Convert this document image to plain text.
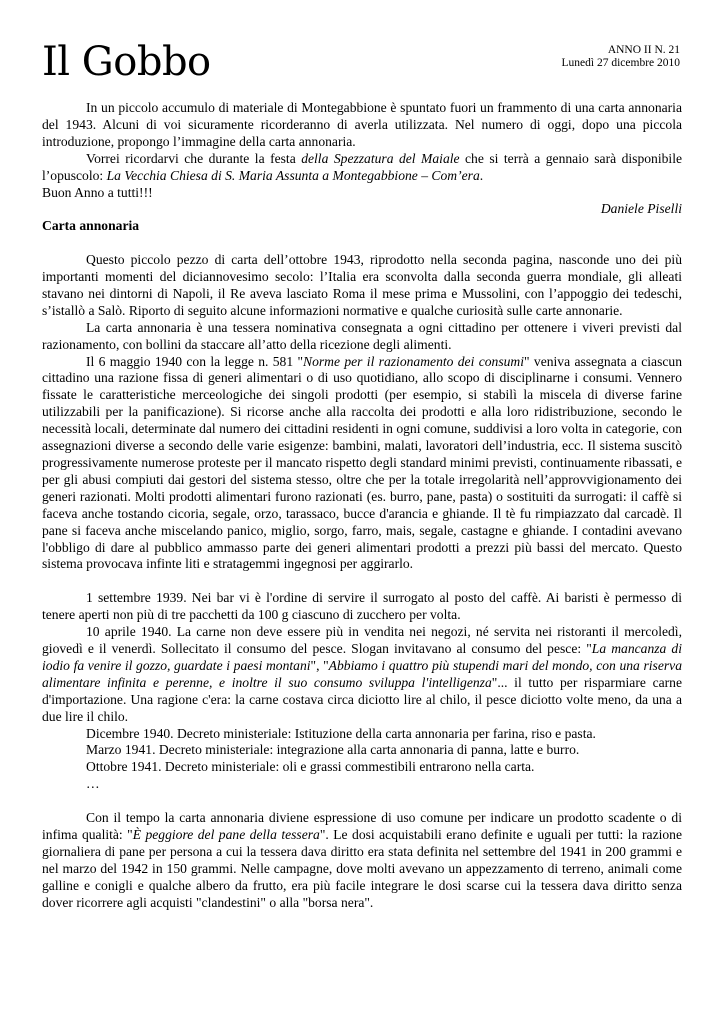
Il Gobbo	ANNO II N. 21
Lunedì 27 dicembre 2010

In un piccolo accumulo di materiale di Montegabbione è spuntato fuori un frammento di una carta annonaria del 1943. Alcuni di voi sicuramente ricorderanno di averla utilizzata. Nel numero di oggi, dopo una piccola introduzione, propongo l’immagine della carta annonaria.

Vorrei ricordarvi che durante la festa della Spezzatura del Maiale che si terrà a gennaio sarà disponibile l’opuscolo: La Vecchia Chiesa di S. Maria Assunta a Montegabbione – Com’era.

Buon Anno a tutti!!!

Daniele Piselli

Carta annonaria

Questo piccolo pezzo di carta dell’ottobre 1943, riprodotto nella seconda pagina, nasconde uno dei più importanti momenti del diciannovesimo secolo: l’Italia era sconvolta dalla seconda guerra mondiale, gli alleati stavano nei dintorni di Napoli, il Re aveva lasciato Roma il mese prima e Mussolini, con l’appoggio dei tedeschi, s’istallò a Salò. Riporto di seguito alcune informazioni normative e qualche curiosità sulle carte annonarie.

La carta annonaria è una tessera nominativa consegnata a ogni cittadino per ottenere i viveri previsti dal razionamento, con bollini da staccare all’atto della ricezione degli alimenti.

Il 6 maggio 1940 con la legge n. 581 "Norme per il razionamento dei consumi" veniva assegnata a ciascun cittadino una razione fissa di generi alimentari o di uso quotidiano, allo scopo di disciplinarne i consumi. Vennero fissate le caratteristiche merceologiche dei singoli prodotti (per esempio, si stabilì la miscela di diverse farine utilizzabili per la panificazione). Si ricorse anche alla raccolta dei prodotti e alla loro ridistribuzione, secondo le necessità locali, determinate dal numero dei cittadini residenti in ogni comune, suddivisi a loro volta in categorie, con assegnazioni diverse a secondo delle varie esigenze: bambini, malati, lavoratori dell’industria, ecc. Il sistema suscitò progressivamente numerose proteste per il mancato rispetto degli standard minimi previsti, continuamente ribassati, e per gli abusi compiuti dai gestori del sistema stesso, oltre che per la totale irregolarità nell’approvvigionamento dei generi razionati. Molti prodotti alimentari furono razionati (es. burro, pane, pasta) o sostituiti da surrogati: il caffè si faceva anche tostando cicoria, segale, orzo, tarassaco, bucce d'arancia e ghiande. Il tè fu rimpiazzato dal carcadè. Il pane si faceva anche miscelando panico, miglio, sorgo, farro, mais, segale, castagne e ghiande. I contadini avevano l'obbligo di dare al pubblico ammasso parte dei generi alimentari prodotti a prezzi più bassi del mercato. Questo sistema provocava infinte liti e stratagemmi ingegnosi per aggirarlo.

1 settembre 1939. Nei bar vi è l'ordine di servire il surrogato al posto del caffè. Ai baristi è permesso di tenere aperti non più di tre pacchetti da 100 g ciascuno di zucchero per volta.

10 aprile 1940. La carne non deve essere più in vendita nei negozi, né servita nei ristoranti il mercoledì, giovedì e il venerdì. Sollecitato il consumo del pesce. Slogan invitavano al consumo del pesce: "La mancanza di iodio fa venire il gozzo, guardate i paesi montani", "Abbiamo i quattro più stupendi mari del mondo, con una riserva alimentare infinita e perenne, e inoltre il suo consumo sviluppa l'intelligenza"... il tutto per risparmiare carne d'importazione. Una ragione c'era: la carne costava circa diciotto lire al chilo, il pesce diciotto volte meno, da una a due lire il chilo.

Dicembre 1940. Decreto ministeriale: Istituzione della carta annonaria per farina, riso e pasta.

Marzo 1941. Decreto ministeriale: integrazione alla carta annonaria di panna, latte e burro.

Ottobre 1941. Decreto ministeriale: oli e grassi commestibili entrarono nella carta.

…

Con il tempo la carta annonaria diviene espressione di uso comune per indicare un prodotto scadente o di infima qualità: "È peggiore del pane della tessera". Le dosi acquistabili erano definite e uguali per tutti: la razione giornaliera di pane per persona a cui la tessera dava diritto era stata definita nel settembre del 1941 in 200 grammi e nel marzo del 1942 in 150 grammi. Nelle campagne, dove molti avevano un appezzamento di terreno, animali come galline e conigli e qualche albero da frutto, era più facile integrare le dosi scarse cui la tessera dava diritto senza dover ricorrere agli acquisti "clandestini" o alla "borsa nera".
